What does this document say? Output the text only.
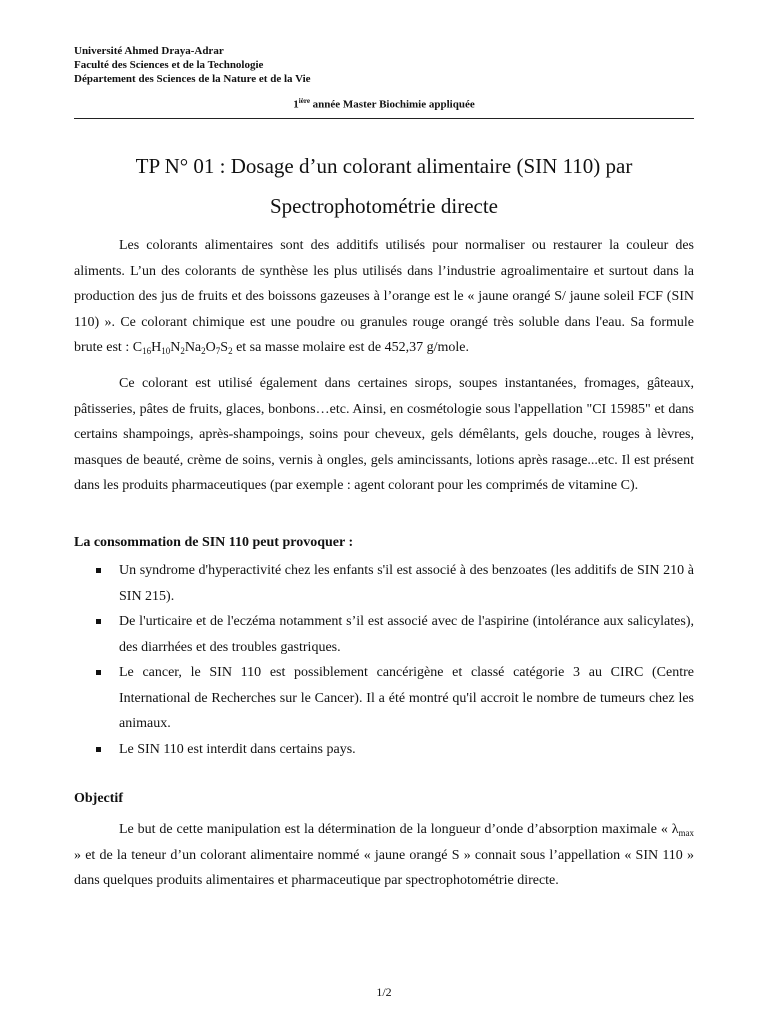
Université Ahmed Draya-Adrar
Faculté des Sciences et de la Technologie
Département des Sciences de la Nature et de la Vie
$1^{ière}$ année Master Biochimie appliquée
TP N° 01 : Dosage d’un colorant alimentaire (SIN 110) par
Spectrophotométrie directe

Les colorants alimentaires sont des additifs utilisés pour normaliser ou restaurer la couleur des aliments. L’un des colorants de synthèse les plus utilisés dans l’industrie agroalimentaire et surtout dans la production des jus de fruits et des boissons gazeuses à l’orange est le « jaune orangé S/ jaune soleil FCF (SIN 110) ». Ce colorant chimique est une poudre ou granules rouge orangé très soluble dans l'eau. Sa formule brute est : $C_{16}H_{10}N_2Na_2O_7S_2$ et sa masse molaire est de 452,37 g/mole.

Ce colorant est utilisé également dans certaines sirops, soupes instantanées, fromages, gâteaux, pâtisseries, pâtes de fruits, glaces, bonbons…etc. Ainsi, en cosmétologie sous l'appellation "CI 15985" et dans certains shampoings, après-shampoings, soins pour cheveux, gels démêlants, gels douche, rouges à lèvres, masques de beauté, crème de soins, vernis à ongles, gels amincissants, lotions après rasage...etc. Il est présent dans les produits pharmaceutiques (par exemple : agent colorant pour les comprimés de vitamine C).

La consommation de SIN 110 peut provoquer :
Un syndrome d'hyperactivité chez les enfants s'il est associé à des benzoates (les additifs de SIN 210 à SIN 215).
De l'urticaire et de l'eczéma notamment s’il est associé avec de l'aspirine (intolérance aux salicylates), des diarrhées et des troubles gastriques.
Le cancer, le SIN 110 est possiblement cancérigène et classé catégorie 3 au CIRC (Centre International de Recherches sur le Cancer). Il a été montré qu'il accroit le nombre de tumeurs chez les animaux.
Le SIN 110 est interdit dans certains pays.
Objectif

Le but de cette manipulation est la détermination de la longueur d’onde d’absorption maximale « $\lambda_{max}$ » et de la teneur d’un colorant alimentaire nommé « jaune orangé S » connait sous l’appellation « SIN 110 » dans quelques produits alimentaires et pharmaceutique par spectrophotométrie directe.

1/2
